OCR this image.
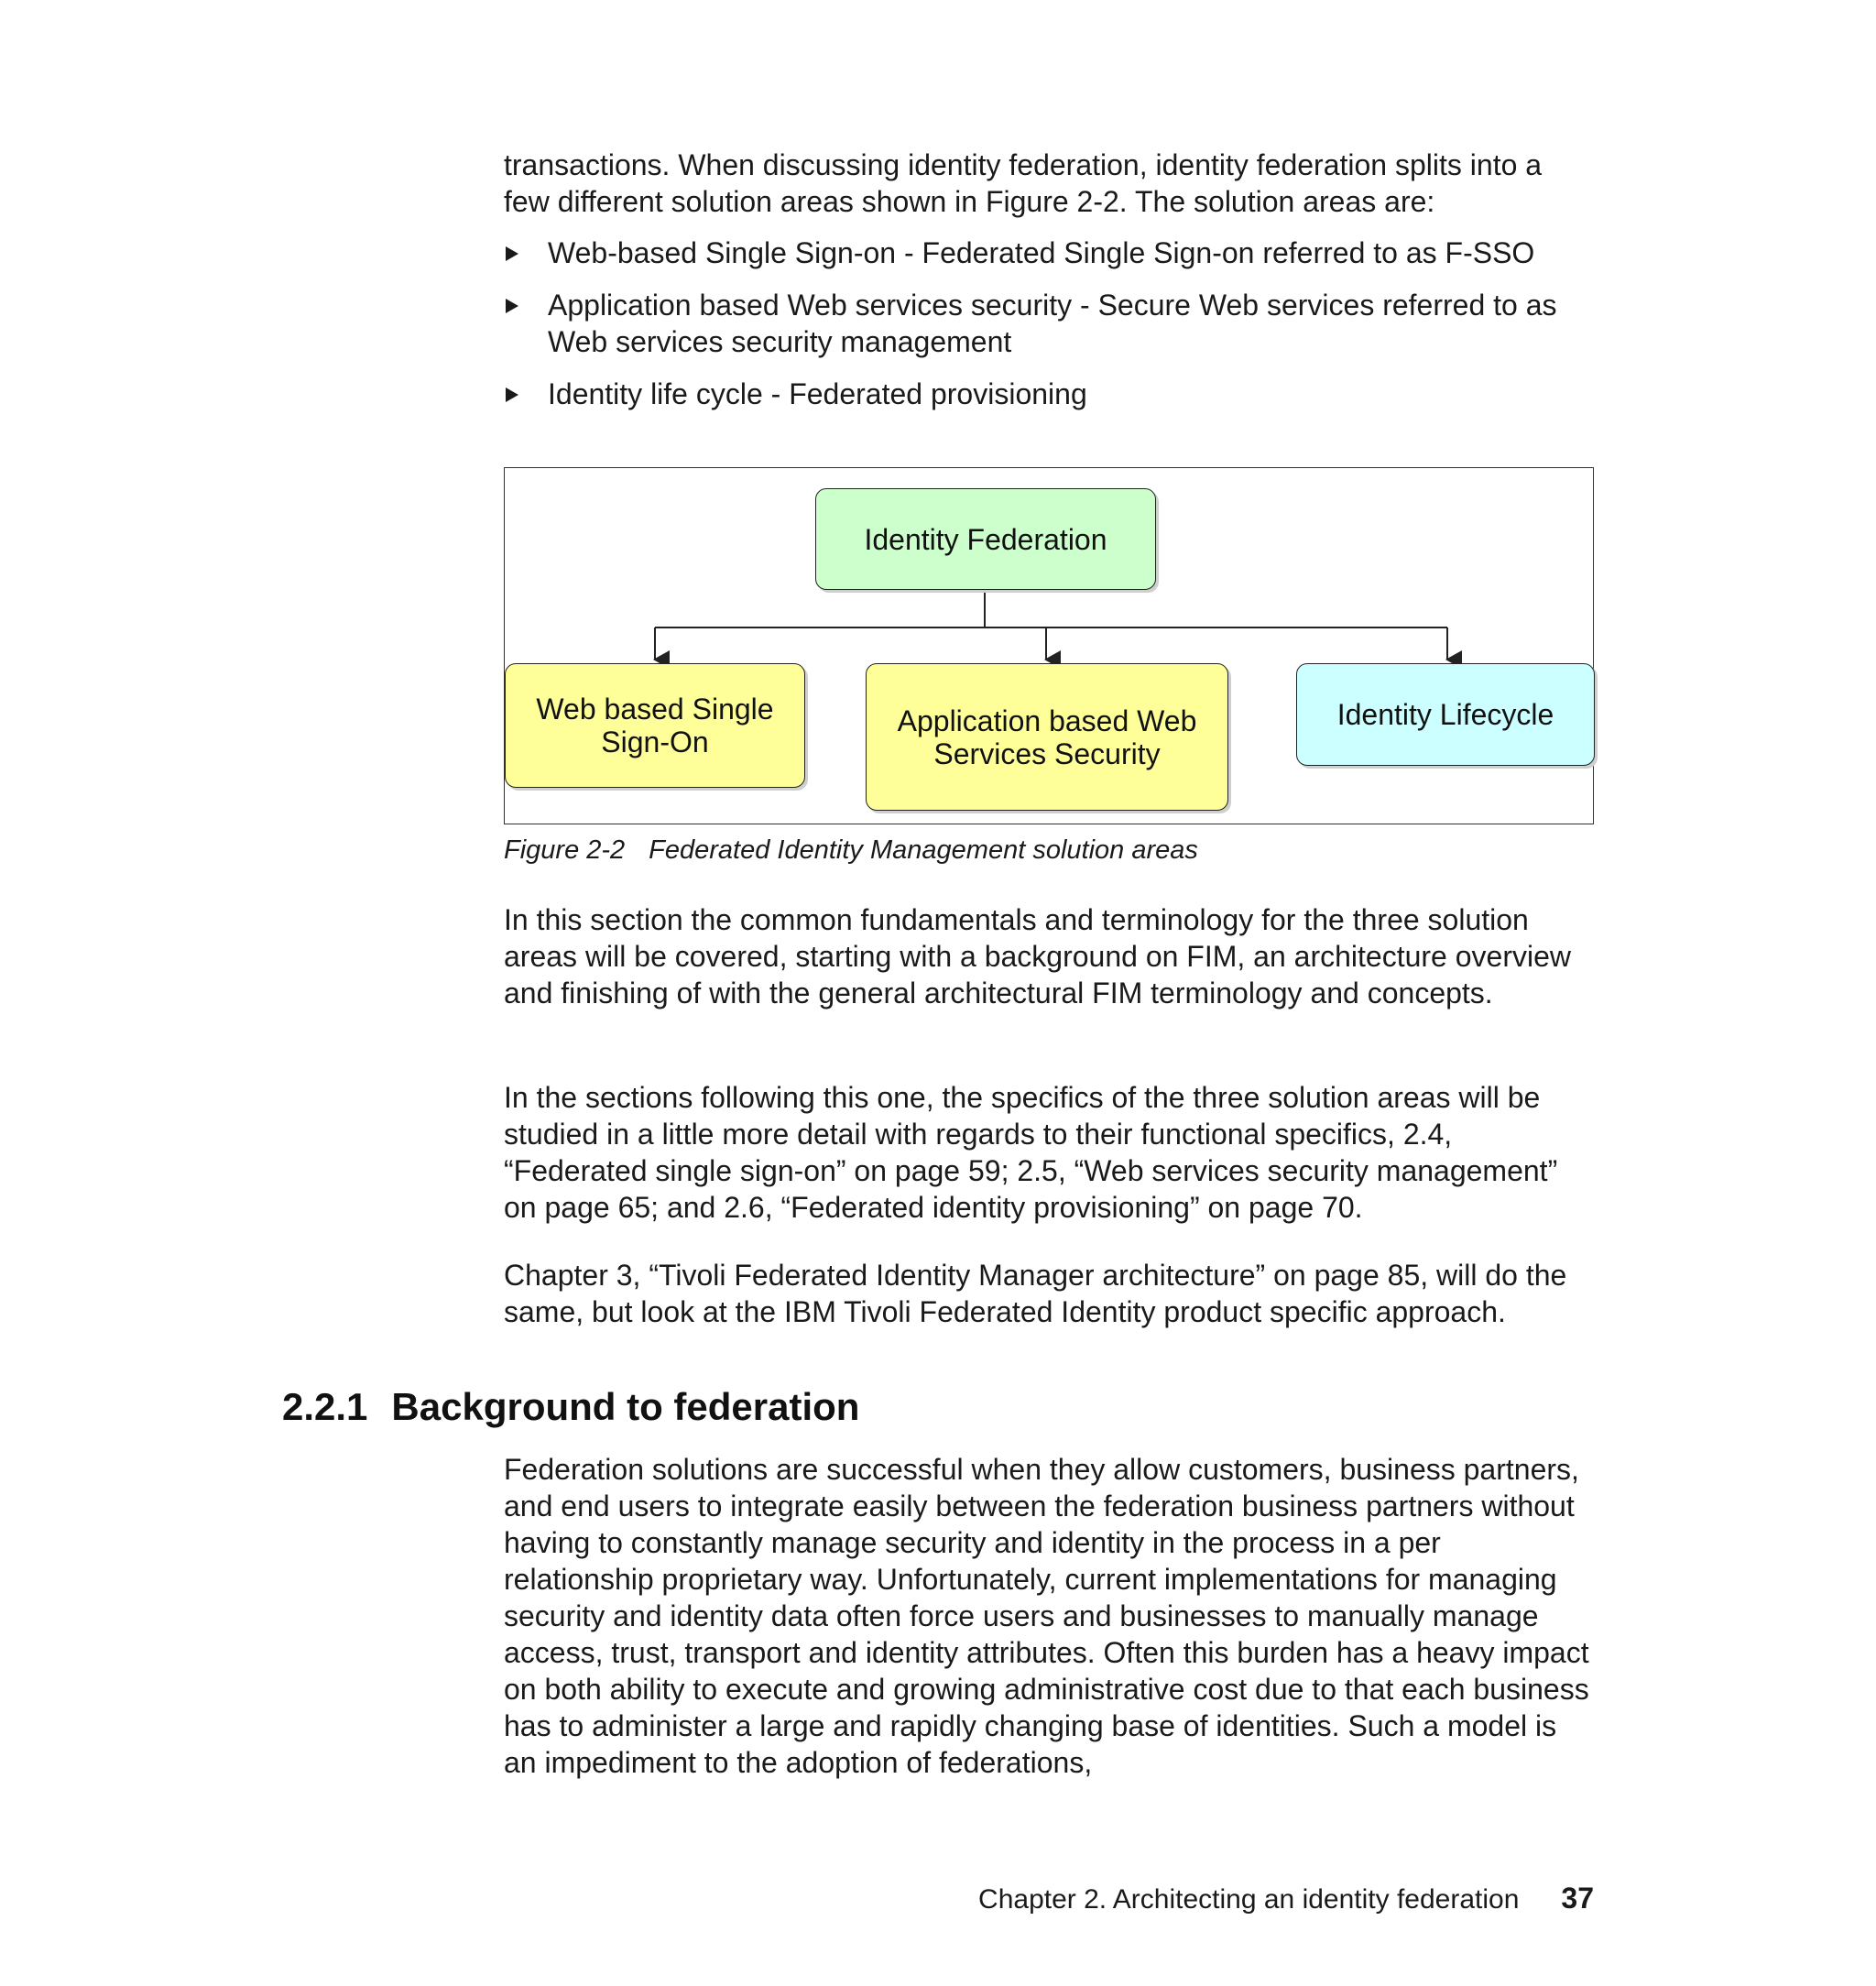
transactions. When discussing identity federation, identity federation splits into a few different solution areas shown in Figure 2-2. The solution areas are:

Web-based Single Sign-on - Federated Single Sign-on referred to as F-SSO
Application based Web services security - Secure Web services referred to as Web services security management
Identity life cycle - Federated provisioning
Identity Federation
Web based Single Sign-On
Application based Web Services Security
Identity Lifecycle

Figure 2-2 Federated Identity Management solution areas

In this section the common fundamentals and terminology for the three solution areas will be covered, starting with a background on FIM, an architecture overview and finishing of with the general architectural FIM terminology and concepts.

In the sections following this one, the specifics of the three solution areas will be studied in a little more detail with regards to their functional specifics, 2.4, “Federated single sign-on” on page 59; 2.5, “Web services security management” on page 65; and 2.6, “Federated identity provisioning” on page 70.

Chapter 3, “Tivoli Federated Identity Manager architecture” on page 85, will do the same, but look at the IBM Tivoli Federated Identity product specific approach.

2.2.1 Background to federation

Federation solutions are successful when they allow customers, business partners, and end users to integrate easily between the federation business partners without having to constantly manage security and identity in the process in a per relationship proprietary way. Unfortunately, current implementations for managing security and identity data often force users and businesses to manually manage access, trust, transport and identity attributes. Often this burden has a heavy impact on both ability to execute and growing administrative cost due to that each business has to administer a large and rapidly changing base of identities. Such a model is an impediment to the adoption of federations,

Chapter 2. Architecting an identity federation 37
